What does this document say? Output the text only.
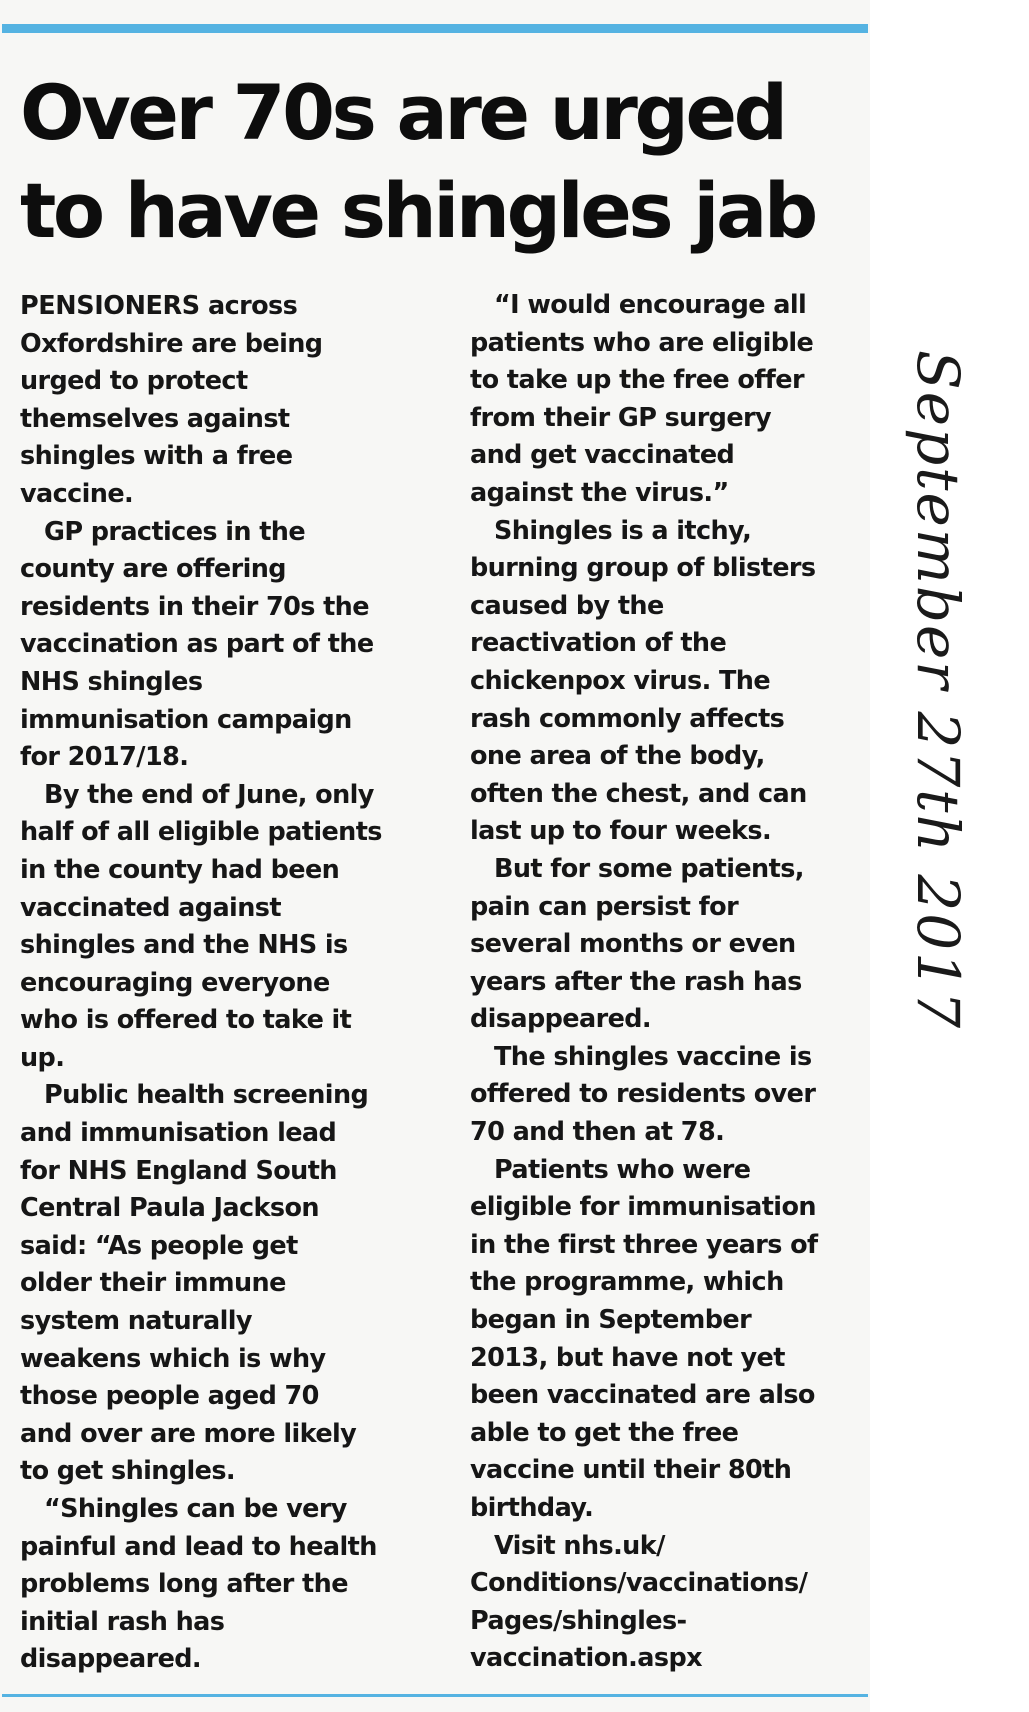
Over 70s are urged
to have shingles jab

PENSIONERS across
Oxfordshire are being
urged to protect
themselves against
shingles with a free
vaccine.

GP practices in the
county are offering
residents in their 70s the
vaccination as part of the
NHS shingles
immunisation campaign
for 2017/18.

By the end of June, only
half of all eligible patients
in the county had been
vaccinated against
shingles and the NHS is
encouraging everyone
who is offered to take it
up.

Public health screening
and immunisation lead
for NHS England South
Central Paula Jackson
said: “As people get
older their immune
system naturally
weakens which is why
those people aged 70
and over are more likely
to get shingles.

“Shingles can be very
painful and lead to health
problems long after the
initial rash has
disappeared.

“I would encourage all
patients who are eligible
to take up the free offer
from their GP surgery
and get vaccinated
against the virus.”

Shingles is a itchy,
burning group of blisters
caused by the
reactivation of the
chickenpox virus. The
rash commonly affects
one area of the body,
often the chest, and can
last up to four weeks.

But for some patients,
pain can persist for
several months or even
years after the rash has
disappeared.

The shingles vaccine is
offered to residents over
70 and then at 78.

Patients who were
eligible for immunisation
in the first three years of
the programme, which
began in September
2013, but have not yet
been vaccinated are also
able to get the free
vaccine until their 80th
birthday.

Visit nhs.uk/
Conditions/vaccinations/
Pages/shingles-
vaccination.aspx

September 27th 2017
